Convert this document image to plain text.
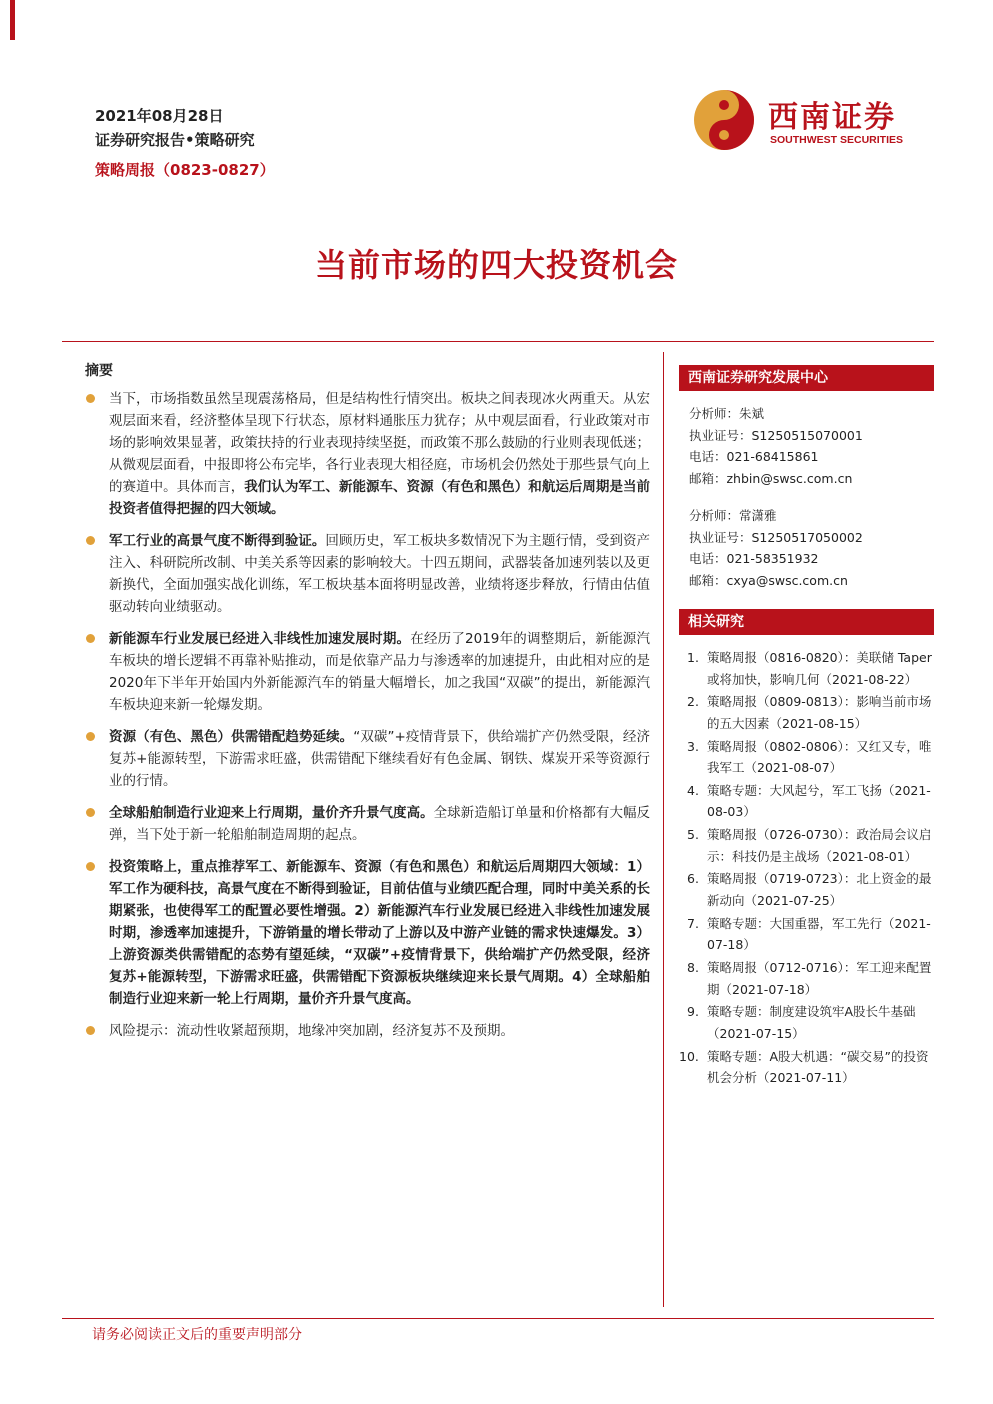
2021年08月28日
证券研究报告•策略研究
策略周报（0823-0827）
西南证券
SOUTHWEST SECURITIES
当前市场的四大投资机会
摘要
当下，市场指数虽然呈现震荡格局，但是结构性行情突出。板块之间表现冰火两重天。从宏观层面来看，经济整体呈现下行状态，原材料通胀压力犹存；从中观层面看，行业政策对市场的影响效果显著，政策扶持的行业表现持续坚挺，而政策不那么鼓励的行业则表现低迷；从微观层面看，中报即将公布完毕，各行业表现大相径庭，市场机会仍然处于那些景气向上的赛道中。具体而言，我们认为军工、新能源车、资源（有色和黑色）和航运后周期是当前投资者值得把握的四大领域。
军工行业的高景气度不断得到验证。回顾历史，军工板块多数情况下为主题行情，受到资产注入、科研院所改制、中美关系等因素的影响较大。十四五期间，武器装备加速列装以及更新换代，全面加强实战化训练，军工板块基本面将明显改善，业绩将逐步释放，行情由估值驱动转向业绩驱动。
新能源车行业发展已经进入非线性加速发展时期。在经历了2019年的调整期后，新能源汽车板块的增长逻辑不再靠补贴推动，而是依靠产品力与渗透率的加速提升，由此相对应的是2020年下半年开始国内外新能源汽车的销量大幅增长，加之我国“双碳”的提出，新能源汽车板块迎来新一轮爆发期。
资源（有色、黑色）供需错配趋势延续。“双碳”+疫情背景下，供给端扩产仍然受限，经济复苏+能源转型，下游需求旺盛，供需错配下继续看好有色金属、钢铁、煤炭开采等资源行业的行情。
全球船舶制造行业迎来上行周期，量价齐升景气度高。全球新造船订单量和价格都有大幅反弹，当下处于新一轮船舶制造周期的起点。
投资策略上，重点推荐军工、新能源车、资源（有色和黑色）和航运后周期四大领域：1）军工作为硬科技，高景气度在不断得到验证，目前估值与业绩匹配合理，同时中美关系的长期紧张，也使得军工的配置必要性增强。2）新能源汽车行业发展已经进入非线性加速发展时期，渗透率加速提升，下游销量的增长带动了上游以及中游产业链的需求快速爆发。3）上游资源类供需错配的态势有望延续，“双碳”+疫情背景下，供给端扩产仍然受限，经济复苏+能源转型，下游需求旺盛，供需错配下资源板块继续迎来长景气周期。4）全球船舶制造行业迎来新一轮上行周期，量价齐升景气度高。
风险提示：流动性收紧超预期，地缘冲突加剧，经济复苏不及预期。
西南证券研究发展中心
分析师：朱斌
执业证号：S1250515070001
电话：021-68415861
邮箱：zhbin@swsc.com.cn
分析师：常潇雅
执业证号：S1250517050002
电话：021-58351932
邮箱：cxya@swsc.com.cn
相关研究
1. 策略周报（0816-0820）：美联储 Taper 或将加快，影响几何（2021-08-22）
2. 策略周报（0809-0813）：影响当前市场的五大因素（2021-08-15）
3. 策略周报（0802-0806）：又红又专，唯我军工（2021-08-07）
4. 策略专题：大风起兮，军工飞扬（2021-08-03）
5. 策略周报（0726-0730）：政治局会议启示：科技仍是主战场（2021-08-01）
6. 策略周报（0719-0723）：北上资金的最新动向（2021-07-25）
7. 策略专题：大国重器，军工先行（2021-07-18）
8. 策略周报（0712-0716）：军工迎来配置期（2021-07-18）
9. 策略专题：制度建设筑牢A股长牛基础（2021-07-15）
10. 策略专题：A股大机遇：“碳交易”的投资机会分析（2021-07-11）
请务必阅读正文后的重要声明部分
